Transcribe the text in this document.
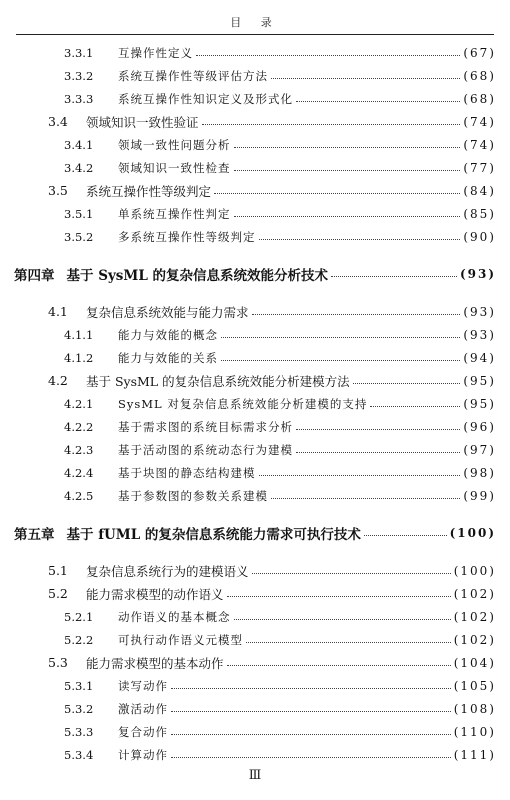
目 录
3.3.1	互操作性定义	(67)
3.3.2	系统互操作性等级评估方法	(68)
3.3.3	系统互操作性知识定义及形式化	(68)
3.4	领域知识一致性验证	(74)
3.4.1	领域一致性问题分析	(74)
3.4.2	领域知识一致性检查	(77)
3.5	系统互操作性等级判定	(84)
3.5.1	单系统互操作性判定	(85)
3.5.2	多系统互操作性等级判定	(90)
第四章 基于 SysML 的复杂信息系统效能分析技术	(93)
4.1	复杂信息系统效能与能力需求	(93)
4.1.1	能力与效能的概念	(93)
4.1.2	能力与效能的关系	(94)
4.2	基于 SysML 的复杂信息系统效能分析建模方法	(95)
4.2.1	SysML 对复杂信息系统效能分析建模的支持	(95)
4.2.2	基于需求图的系统目标需求分析	(96)
4.2.3	基于活动图的系统动态行为建模	(97)
4.2.4	基于块图的静态结构建模	(98)
4.2.5	基于参数图的参数关系建模	(99)
第五章 基于 fUML 的复杂信息系统能力需求可执行技术	(100)
5.1	复杂信息系统行为的建模语义	(100)
5.2	能力需求模型的动作语义	(102)
5.2.1	动作语义的基本概念	(102)
5.2.2	可执行动作语义元模型	(102)
5.3	能力需求模型的基本动作	(104)
5.3.1	读写动作	(105)
5.3.2	激活动作	(108)
5.3.3	复合动作	(110)
5.3.4	计算动作	(111)
Ⅲ
